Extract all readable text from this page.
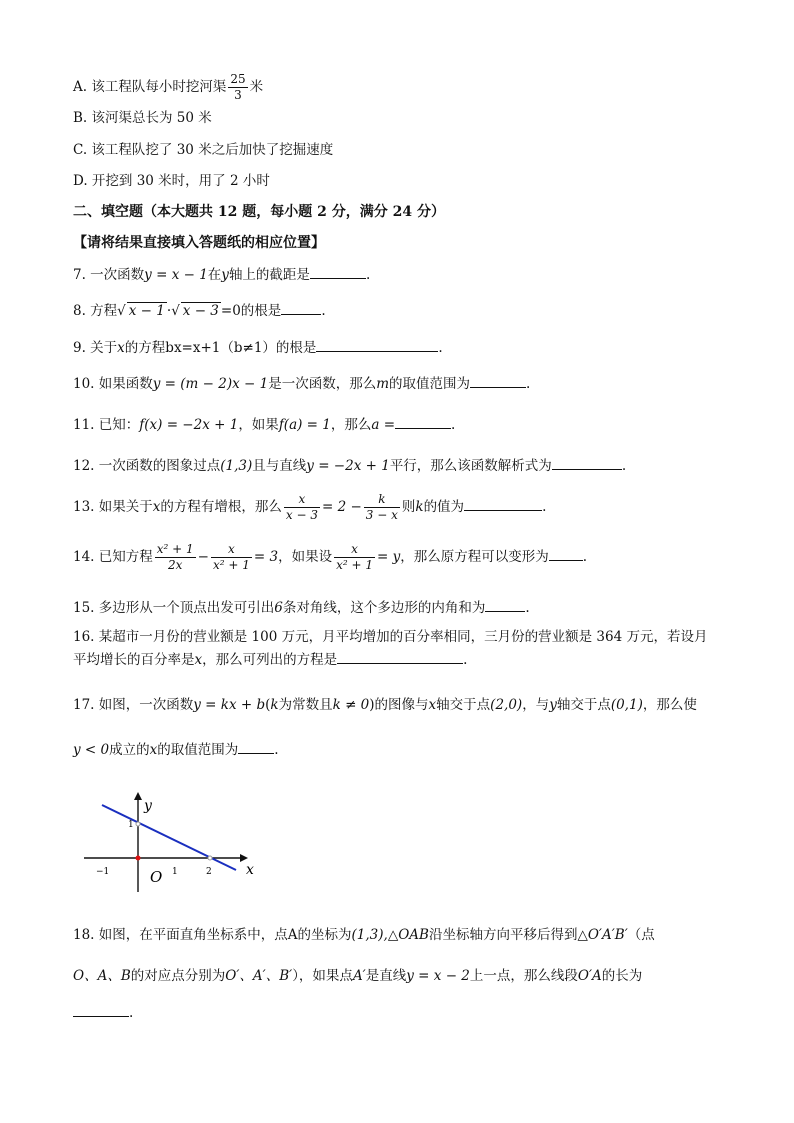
A. 该工程队每小时挖河渠 $\frac{25}{3}$ 米
B. 该河渠总长为 50 米
C. 该工程队挖了 30 米之后加快了挖掘速度
D. 开挖到 30 米时，用了 2 小时
二、填空题（本大题共 12 题，每小题 2 分，满分 24 分）
【请将结果直接填入答题纸的相应位置】
7. 一次函数y = x − 1在y轴上的截距是	.
8. 方程√ x − 1 ·√ x − 3 =0的根是	.
9. 关于x的方程bx=x+1（b≠1）的根是	.
10. 如果函数y = (m − 2)x − 1是一次函数，那么m的取值范围为	.
11. 已知：f(x) = −2x + 1，如果f(a) = 1，那么a =	.
12. 一次函数的图象过点(1,3)且与直线y = −2x + 1平行，那么该函数解析式为	.
13. 如果关于x的方程有增根，那么 $\frac{x}{x - 3} = 2 - \frac{k}{3 - x}$ 则k的值为	.
14. 已知方程 $\frac{\text{x² + 1}}{2x} - \frac{x}{\text{x² + 1}} = 3$，如果设 $\frac{x}{\text{x² + 1}} = y$，那么原方程可以变形为	.
15. 多边形从一个顶点出发可引出6条对角线，这个多边形的内角和为	.
16. 某超市一月份的营业额是 100 万元，月平均增加的百分率相同，三月份的营业额是 364 万元，若设月
平均增长的百分率是x，那么可列出的方程是	.
17. 如图，一次函数y = kx + b(k为常数且k ≠ 0)的图像与x轴交于点(2,0)，与y轴交于点(0,1)，那么使
y < 0成立的x的取值范围为	.
x
y
O
−1	1	2
1
18. 如图，在平面直角坐标系中，点A的坐标为(1,3),△OAB沿坐标轴方向平移后得到△O′A′B′（点
O、A、B的对应点分别为O′、A′、B′），如果点A′是直线y = x − 2上一点，那么线段O′A的长为
.
